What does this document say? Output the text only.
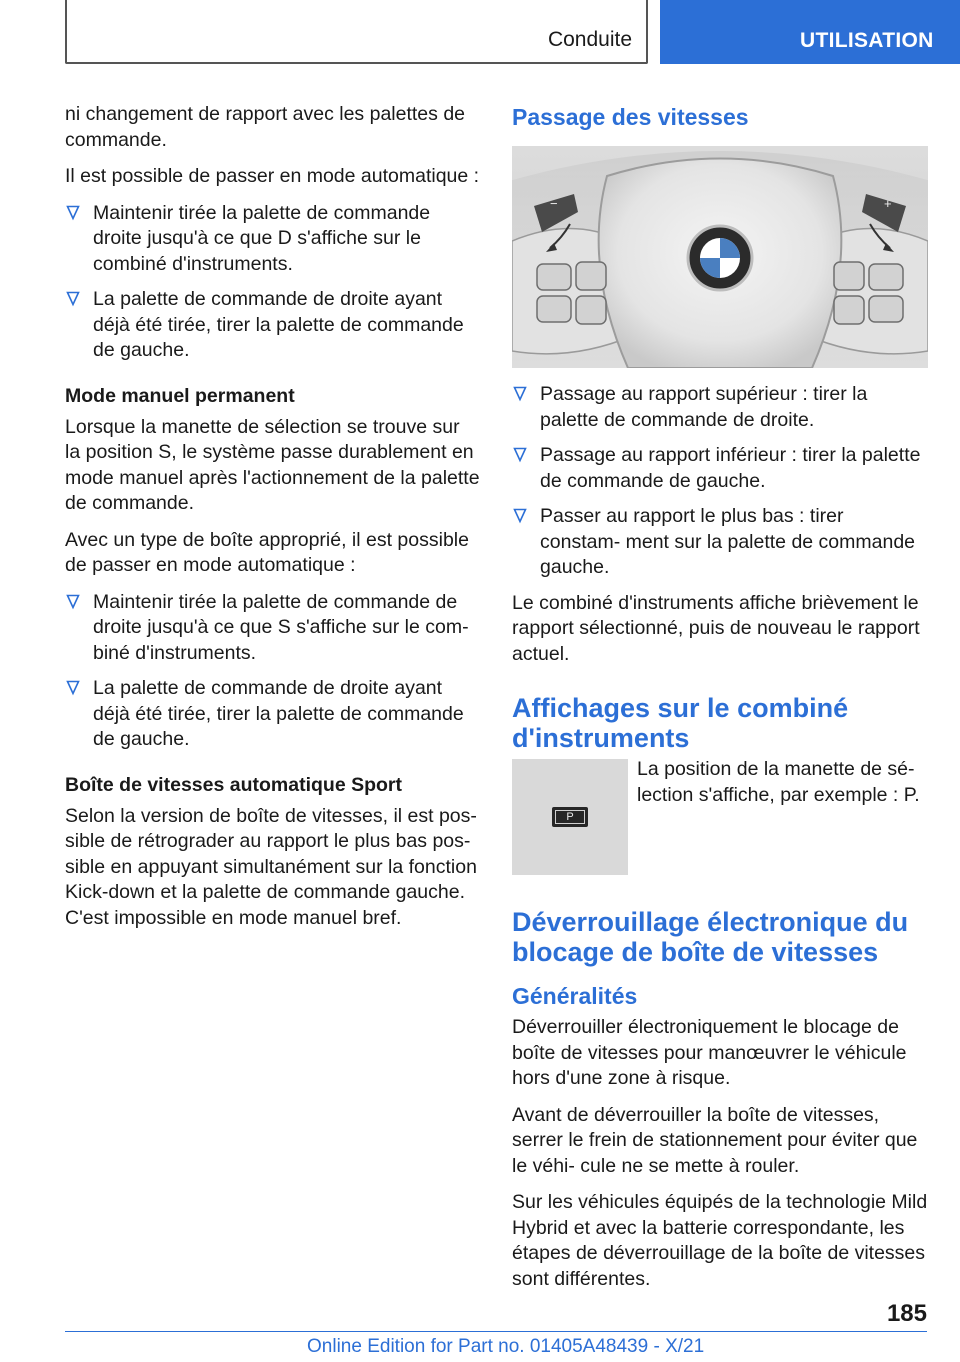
Conduite	UTILISATION

ni changement de rapport avec les palettes de commande.

Il est possible de passer en mode automatique :

Maintenir tirée la palette de commande droite jusqu'à ce que D s'affiche sur le combiné d'instruments.
La palette de commande de droite ayant déjà été tirée, tirer la palette de commande de gauche.
Mode manuel permanent

Lorsque la manette de sélection se trouve sur la position S, le système passe durablement en mode manuel après l'actionnement de la palette de commande.

Avec un type de boîte approprié, il est possible de passer en mode automatique :

Maintenir tirée la palette de commande de droite jusqu'à ce que S s'affiche sur le com‐ biné d'instruments.
La palette de commande de droite ayant déjà été tirée, tirer la palette de commande de gauche.
Boîte de vitesses automatique Sport

Selon la version de boîte de vitesses, il est pos‐ sible de rétrograder au rapport le plus bas pos‐ sible en appuyant simultanément sur la fonction Kick-down et la palette de commande gauche. C'est impossible en mode manuel bref.

Passage des vitesses
−	+
Passage au rapport supérieur : tirer la palette de commande de droite.
Passage au rapport inférieur : tirer la palette de commande de gauche.
Passer au rapport le plus bas : tirer constam‐ ment sur la palette de commande gauche.

Le combiné d'instruments affiche brièvement le rapport sélectionné, puis de nouveau le rapport actuel.

Affichages sur le combiné d'instruments
P
La position de la manette de sé‐ lection s'affiche, par exemple : P.
Déverrouillage électronique du blocage de boîte de vitesses
Généralités

Déverrouiller électroniquement le blocage de boîte de vitesses pour manœuvrer le véhicule hors d'une zone à risque.

Avant de déverrouiller la boîte de vitesses, serrer le frein de stationnement pour éviter que le véhi‐ cule ne se mette à rouler.

Sur les véhicules équipés de la technologie Mild Hybrid et avec la batterie correspondante, les étapes de déverrouillage de la boîte de vitesses sont différentes.

185
Online Edition for Part no. 01405A48439 - X/21
